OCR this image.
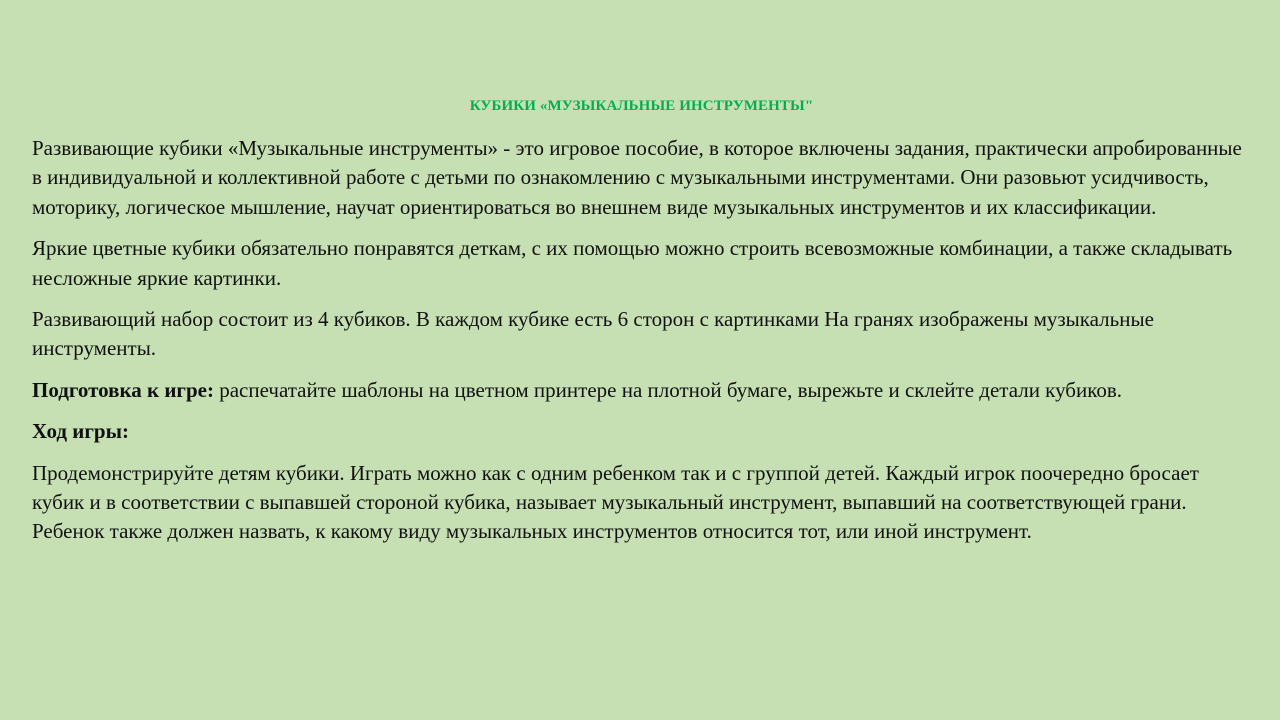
КУБИКИ «МУЗЫКАЛЬНЫЕ ИНСТРУМЕНТЫ"

Развивающие кубики «Музыкальные инструменты» - это игровое пособие, в которое включены задания, практически апробированные в индивидуальной и коллективной работе с детьми по ознакомлению с музыкальными инструментами. Они разовьют усидчивость, моторику, логическое мышление, научат ориентироваться во внешнем виде музыкальных инструментов и их классификации.

Яркие цветные кубики обязательно понравятся деткам, с их помощью можно строить всевозможные комбинации, а также складывать несложные яркие картинки.

Развивающий набор состоит из 4 кубиков. В каждом кубике есть 6 сторон с картинками На гранях изображены музыкальные инструменты.

Подготовка к игре: распечатайте шаблоны на цветном принтере на плотной бумаге, вырежьте и склейте детали кубиков.

Ход игры:

Продемонстрируйте детям кубики. Играть можно как с одним ребенком так и с группой детей. Каждый игрок поочередно бросает кубик и в соответствии с выпавшей стороной кубика, называет музыкальный инструмент, выпавший на соответствующей грани. Ребенок также должен назвать, к какому виду музыкальных инструментов относится тот, или иной инструмент.
